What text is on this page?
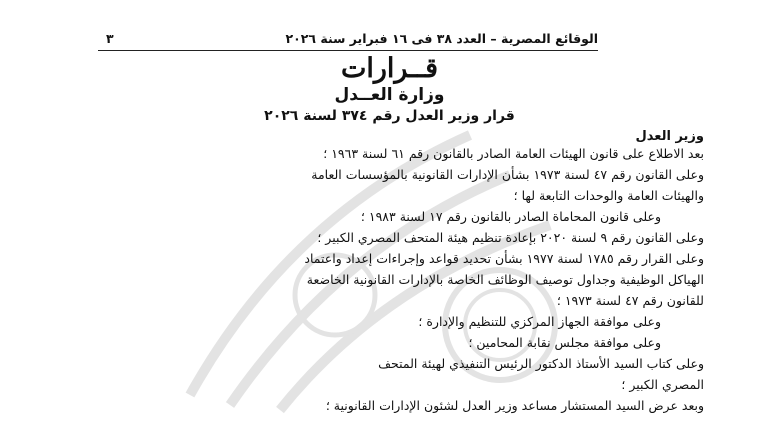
٣	الوقائع المصرية – العدد ٣٨ فى ١٦ فبراير سنة ٢٠٢٦
قــرارات
وزارة العــدل
قرار وزير العدل رقم ٣٧٤ لسنة ٢٠٢٦
وزير العدل
بعد الاطلاع على قانون الهيئات العامة الصادر بالقانون رقم ٦١ لسنة ١٩٦٣ ؛
وعلى القانون رقم ٤٧ لسنة ١٩٧٣ بشأن الإدارات القانونية بالمؤسسات العامة
والهيئات العامة والوحدات التابعة لها ؛
وعلى قانون المحاماة الصادر بالقانون رقم ١٧ لسنة ١٩٨٣ ؛
وعلى القانون رقم ٩ لسنة ٢٠٢٠ بإعادة تنظيم هيئة المتحف المصري الكبير ؛
وعلى القرار رقم ١٧٨٥ لسنة ١٩٧٧ بشأن تحديد قواعد وإجراءات إعداد واعتماد
الهياكل الوظيفية وجداول توصيف الوظائف الخاصة بالإدارات القانونية الخاضعة
للقانون رقم ٤٧ لسنة ١٩٧٣ ؛
وعلى موافقة الجهاز المركزي للتنظيم والإدارة ؛
وعلى موافقة مجلس نقابة المحامين ؛
وعلى كتاب السيد الأستاذ الدكتور الرئيس التنفيذي لهيئة المتحف
المصري الكبير ؛
وبعد عرض السيد المستشار مساعد وزير العدل لشئون الإدارات القانونية ؛
